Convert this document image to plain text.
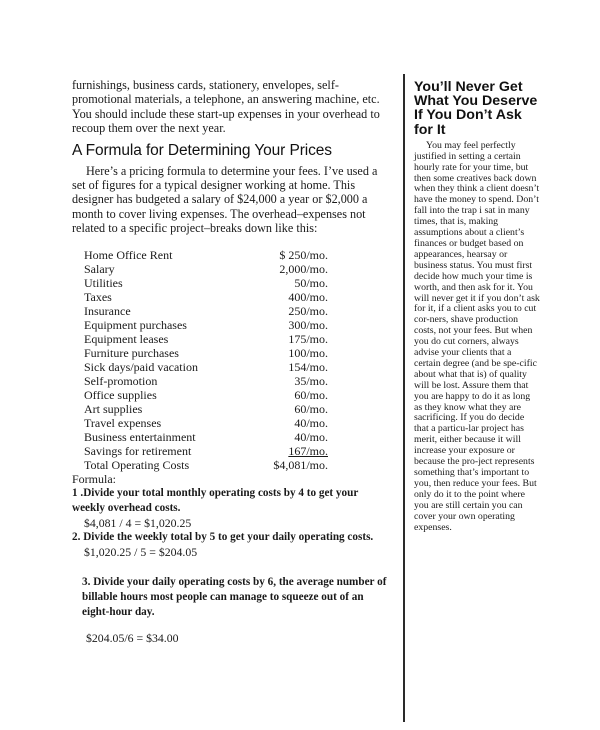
furnishings, business cards, stationery, envelopes, self-promotional materials, a telephone, an answering machine, etc. You should include these start-up expenses in your overhead to recoup them over the next year.

A Formula for Determining Your Prices

Here’s a pricing formula to determine your fees. I’ve used a set of figures for a typical designer working at home. This designer has budgeted a salary of $24,000 a year or $2,000 a month to cover living expenses. The overhead–expenses not related to a specific project–breaks down like this:

Home Office Rent	$ 250/mo.
Salary	2,000/mo.
Utilities	50/mo.
Taxes	400/mo.
Insurance	250/mo.
Equipment purchases	300/mo.
Equipment leases	175/mo.
Furniture purchases	100/mo.
Sick days/paid vacation	154/mo.
Self-promotion	35/mo.
Office supplies	60/mo.
Art supplies	60/mo.
Travel expenses	40/mo.
Business entertainment	40/mo.
Savings for retirement	167/mo.
Total Operating Costs	$4,081/mo.

Formula:

1 .Divide your total monthly operating costs by 4 to get your weekly overhead costs.

$4,081 / 4 = $1,020.25

2. Divide the weekly total by 5 to get your daily operating costs.

$1,020.25 / 5 = $204.05

3. Divide your daily operating costs by 6, the average number of billable hours most people can manage to squeeze out of an eight-hour day.

$204.05/6 = $34.00

You’ll Never Get What You Deserve If You Don’t Ask for It

You may feel perfectly justified in setting a certain hourly rate for your time, but then some creatives back down when they think a client doesn’t have the money to spend. Don’t fall into the trap i sat in many times, that is, making assumptions about a client’s finances or budget based on appearances, hearsay or business status. You must first decide how much your time is worth, and then ask for it. You will never get it if you don’t ask for it, if a client asks you to cut cor-ners, shave production costs, not your fees. But when you do cut corners, always advise your clients that a certain degree (and be spe-cific about what that is) of quality will be lost. Assure them that you are happy to do it as long as they know what they are sacrificing. If you do decide that a particu-lar project has merit, either because it will increase your exposure or because the pro-ject represents something that’s important to you, then reduce your fees. But only do it to the point where you are still certain you can cover your own operating expenses.
